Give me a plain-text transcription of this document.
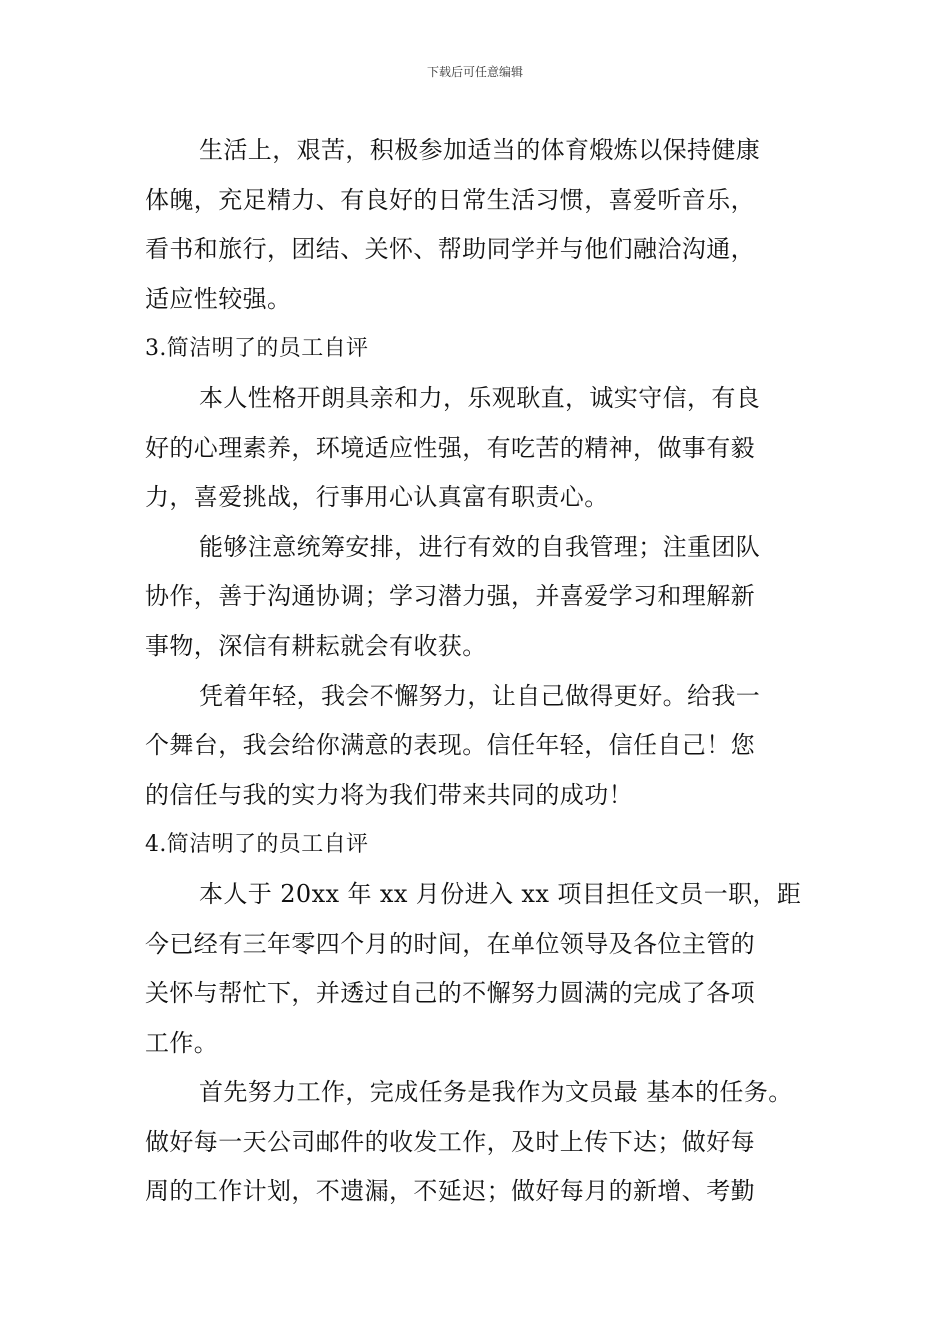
下载后可任意编辑
生活上，艰苦，积极参加适当的体育煅炼以保持健康
体魄，充足精力、有良好的日常生活习惯，喜爱听音乐，
看书和旅行，团结、关怀、帮助同学并与他们融洽沟通，
适应性较强。
3.简洁明了的员工自评
本人性格开朗具亲和力，乐观耿直，诚实守信，有良
好的心理素养，环境适应性强，有吃苦的精神，做事有毅
力，喜爱挑战，行事用心认真富有职责心。
能够注意统筹安排，进行有效的自我管理；注重团队
协作，善于沟通协调；学习潜力强，并喜爱学习和理解新
事物，深信有耕耘就会有收获。
凭着年轻，我会不懈努力，让自己做得更好。给我一
个舞台，我会给你满意的表现。信任年轻，信任自己！您
的信任与我的实力将为我们带来共同的成功！
4.简洁明了的员工自评
本人于 20xx 年 xx 月份进入 xx 项目担任文员一职，距
今已经有三年零四个月的时间，在单位领导及各位主管的
关怀与帮忙下，并透过自己的不懈努力圆满的完成了各项
工作。
首先努力工作，完成任务是我作为文员最 基本的任务。
做好每一天公司邮件的收发工作，及时上传下达；做好每
周的工作计划，不遗漏，不延迟；做好每月的新增、考勤
